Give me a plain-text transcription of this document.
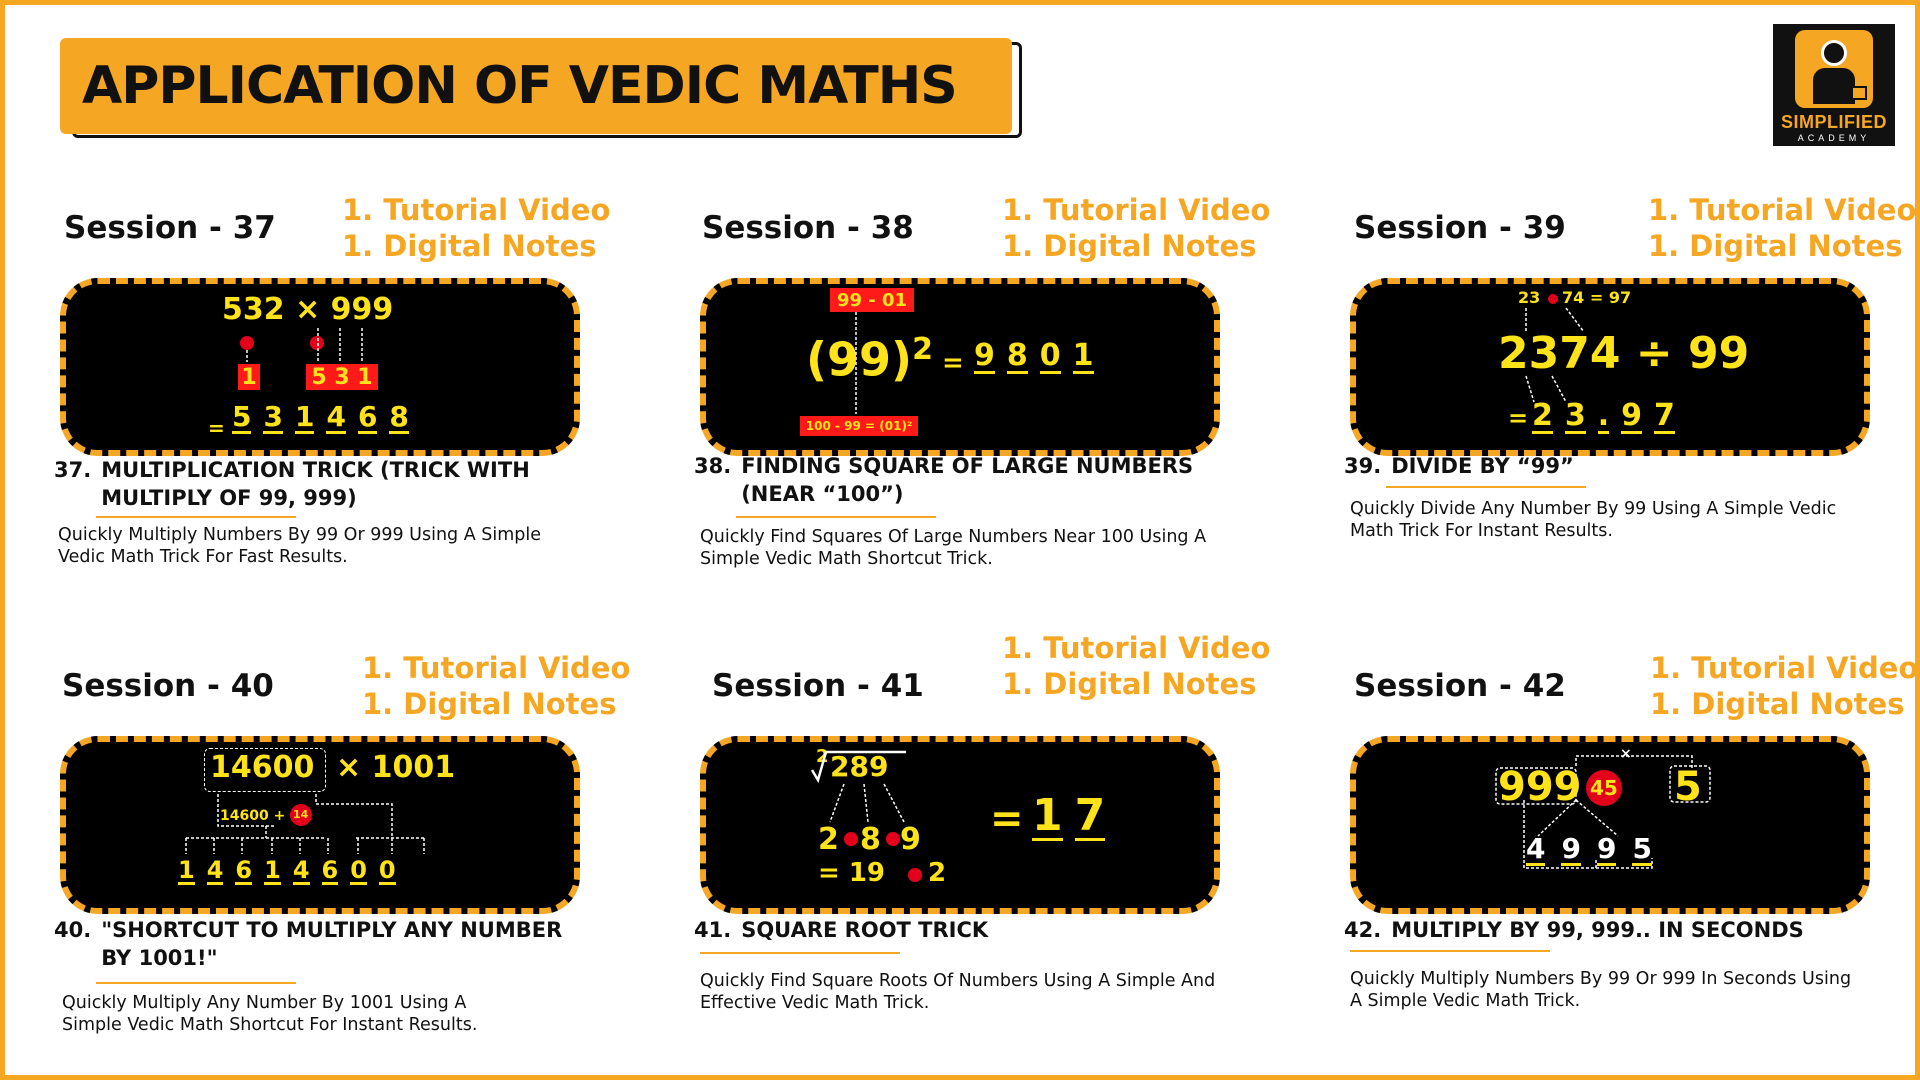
APPLICATION OF VEDIC MATHS
SIMPLIFIED
ACADEMY
Session - 37 1. Tutorial Video
1. Digital Notes
532 × 999
1 5 3 1
= 5 3 1 4 6 8
37. MULTIPLICATION TRICK (TRICK WITH
MULTIPLY OF 99, 999)
Quickly Multiply Numbers By 99 Or 999 Using A Simple
Vedic Math Trick For Fast Results.
Session - 38	1. Tutorial Video
1. Digital Notes
99 - 01
$(99)^2 = 9$ 8 0 1
100 - 99 = (01)²
38. FINDING SQUARE OF LARGE NUMBERS
(NEAR “100”)
Quickly Find Squares Of Large Numbers Near 100 Using A
Simple Vedic Math Shortcut Trick.
Session - 39	1. Tutorial Video
1. Digital Notes
23 74 = 97
2374 ÷ 99
= 2 3 . 9 7
39. DIVIDE BY “99”
Quickly Divide Any Number By 99 Using A Simple Vedic
Math Trick For Instant Results.
Session - 40	1. Tutorial Video
1. Digital Notes
14600 × 1001
14600 + 14
1 4 6 1 4 6 0 0
40. "SHORTCUT TO MULTIPLY ANY NUMBER
BY 1001!"
Quickly Multiply Any Number By 1001 Using A
Simple Vedic Math Shortcut For Instant Results.
Session - 41
1. Tutorial Video
1. Digital Notes
2 289
2 8 9
= 19 2
= 1 7
41. SQUARE ROOT TRICK
Quickly Find Square Roots Of Numbers Using A Simple And
Effective Vedic Math Trick.
Session - 42	1. Tutorial Video
1. Digital Notes
×
999 45 5
4 9 9 5
42. MULTIPLY BY 99, 999.. IN SECONDS
Quickly Multiply Numbers By 99 Or 999 In Seconds Using
A Simple Vedic Math Trick.
